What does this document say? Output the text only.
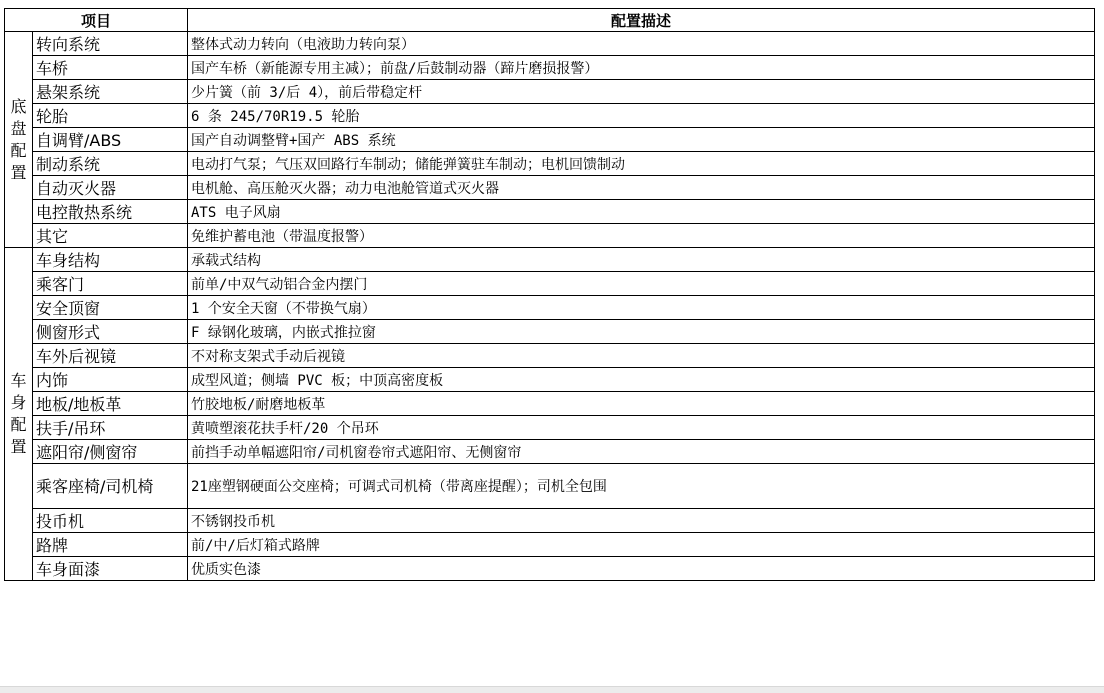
项目		配置描述
底盘配置	转向系统	整体式动力转向（电液助力转向泵）
	车桥	国产车桥（新能源专用主减）；前盘/后鼓制动器（蹄片磨损报警）
	悬架系统	少片簧（前 3/后 4），前后带稳定杆
	轮胎	6 条 245/70R19.5 轮胎
	自调臂/ABS	国产自动调整臂+国产 ABS 系统
	制动系统	电动打气泵；气压双回路行车制动；储能弹簧驻车制动；电机回馈制动
	自动灭火器	电机舱、高压舱灭火器；动力电池舱管道式灭火器
	电控散热系统	ATS 电子风扇
	其它	免维护蓄电池（带温度报警）
车身配置	车身结构	承载式结构
	乘客门	前单/中双气动铝合金内摆门
	安全顶窗	1 个安全天窗（不带换气扇）
	侧窗形式	F 绿钢化玻璃，内嵌式推拉窗
	车外后视镜	不对称支架式手动后视镜
	内饰	成型风道；侧墙 PVC 板；中顶高密度板
	地板/地板革	竹胶地板/耐磨地板革
	扶手/吊环	黄喷塑滚花扶手杆/20 个吊环
	遮阳帘/侧窗帘	前挡手动单幅遮阳帘/司机窗卷帘式遮阳帘、无侧窗帘
	乘客座椅/司机椅	21座塑钢硬面公交座椅；可调式司机椅（带离座提醒）；司机全包围
	投币机	不锈钢投币机
	路牌	前/中/后灯箱式路牌
	车身面漆	优质实色漆
